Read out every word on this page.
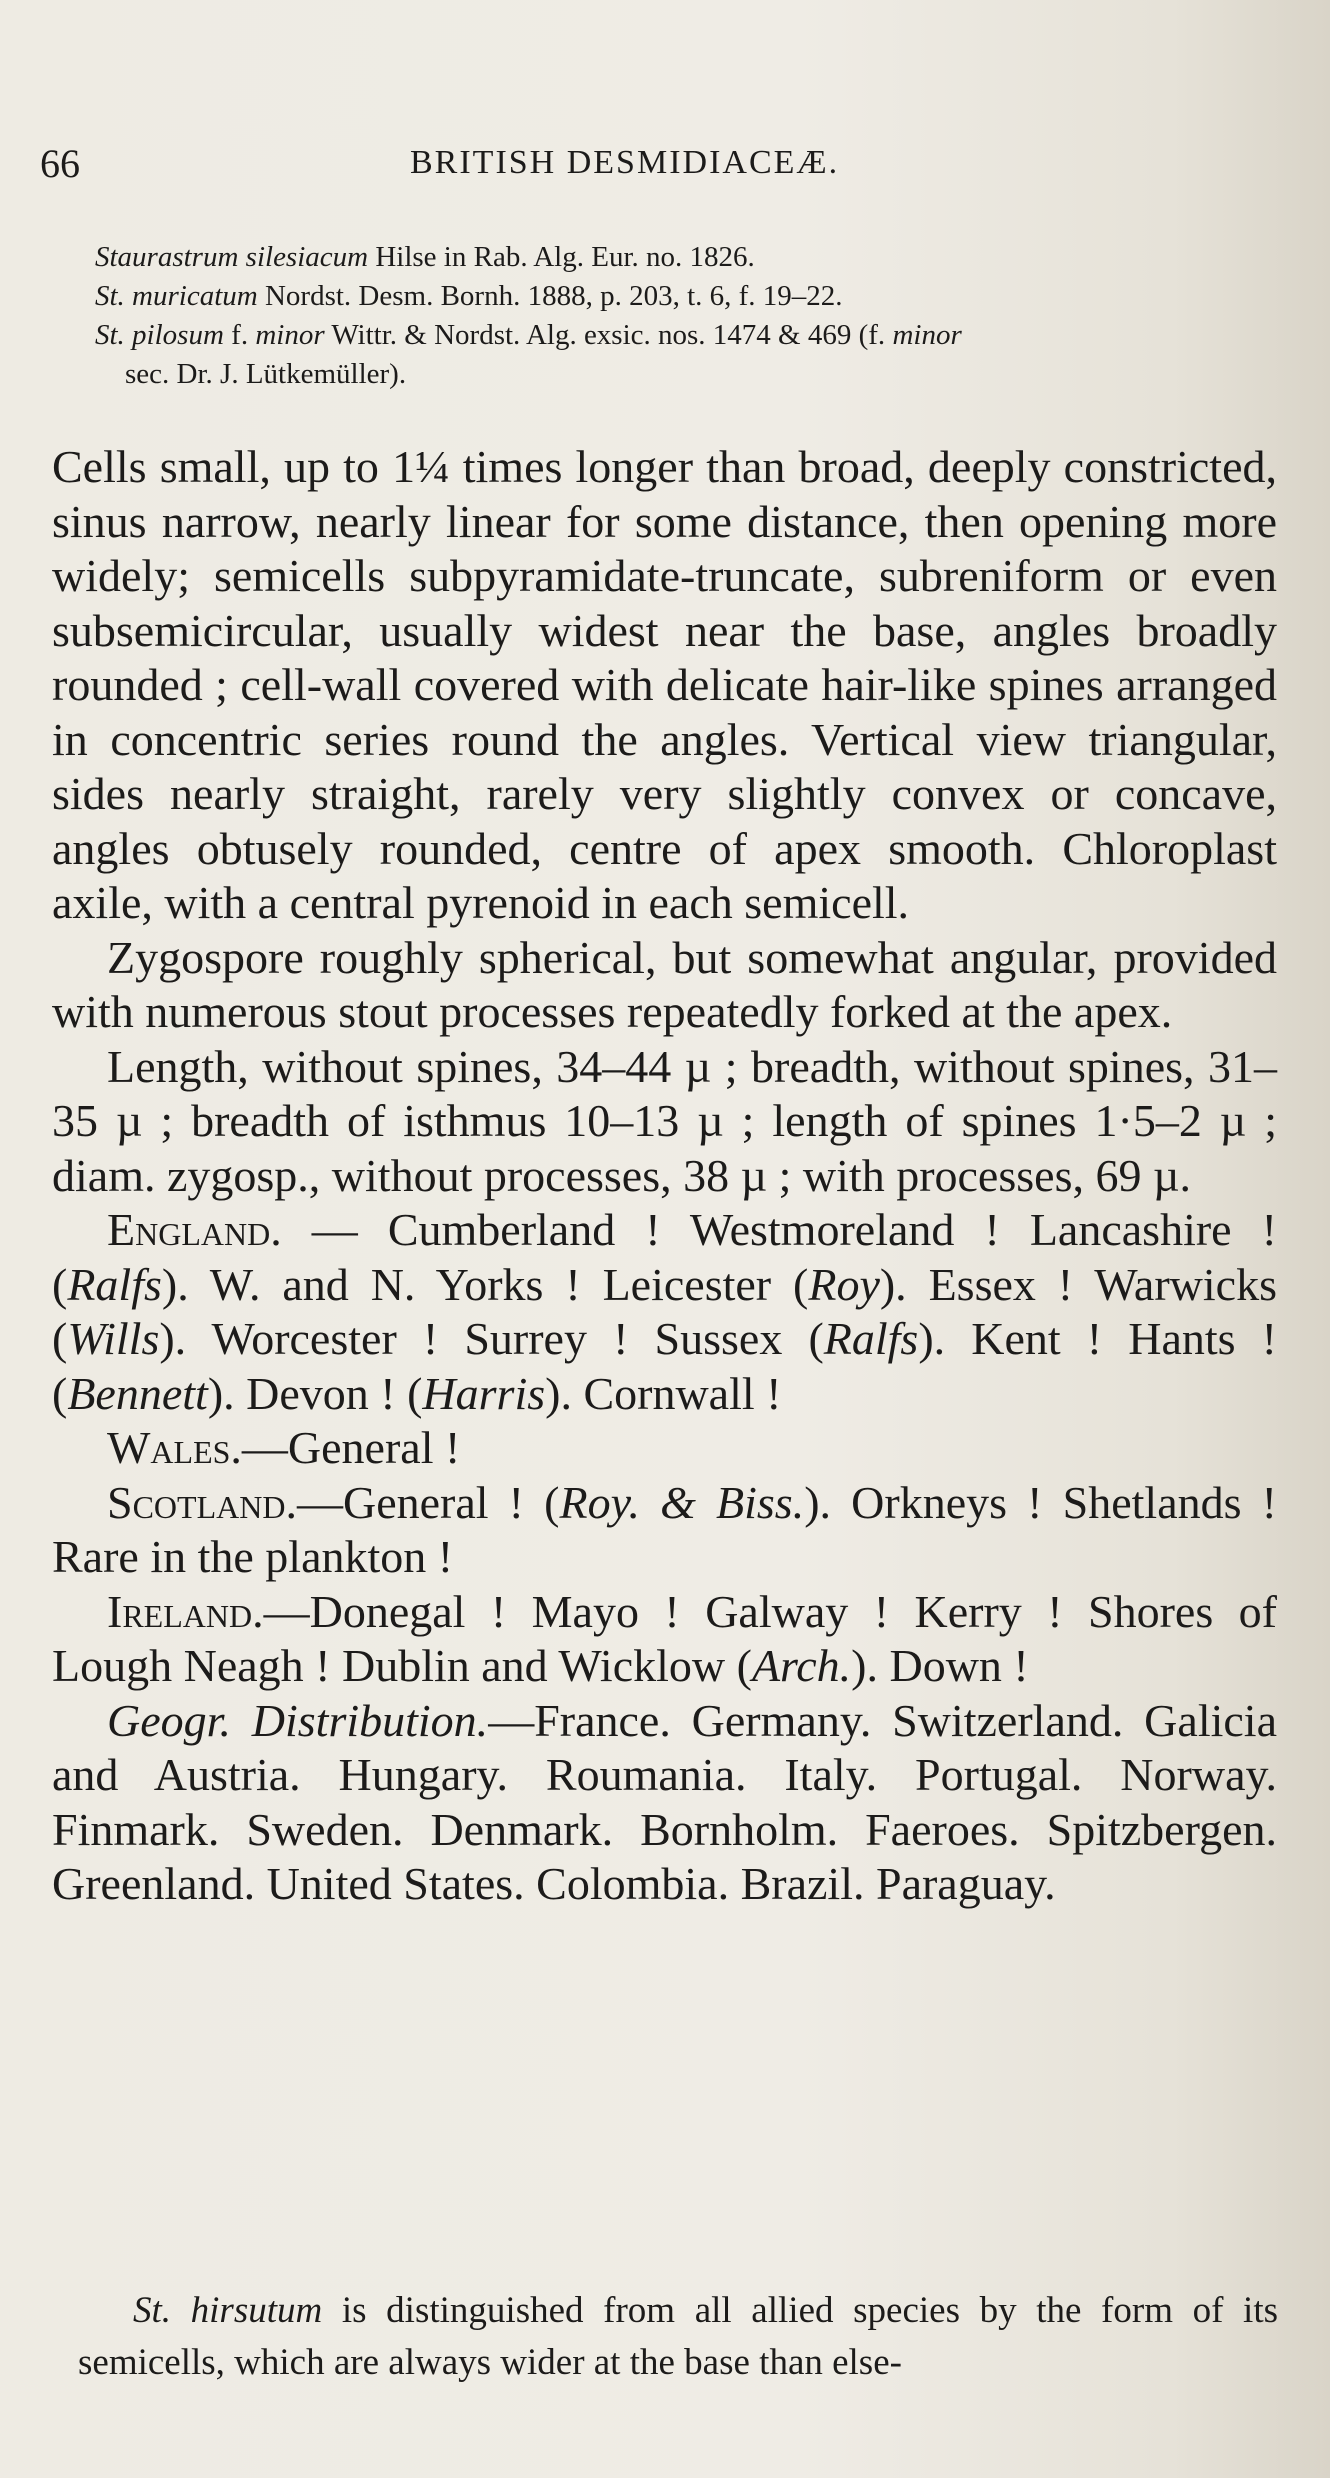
66	BRITISH DESMIDIACEÆ.
Staurastrum silesiacum Hilse in Rab. Alg. Eur. no. 1826.
St. muricatum Nordst. Desm. Bornh. 1888, p. 203, t. 6, f. 19–22.
St. pilosum f. minor Wittr. & Nordst. Alg. exsic. nos. 1474 & 469 (f. minor
sec. Dr. J. Lütkemüller).

Cells small, up to 1¼ times longer than broad, deeply constricted, sinus narrow, nearly linear for some distance, then opening more widely; semicells subpyramidate-truncate, subreniform or even subsemicircular, usually widest near the base, angles broadly rounded ; cell-wall covered with delicate hair-like spines arranged in concentric series round the angles. Vertical view triangular, sides nearly straight, rarely very slightly convex or concave, angles obtusely rounded, centre of apex smooth. Chloroplast axile, with a central pyrenoid in each semicell.

Zygospore roughly spherical, but somewhat angular, provided with numerous stout processes repeatedly forked at the apex.

Length, without spines, 34–44 µ ; breadth, without spines, 31–35 µ ; breadth of isthmus 10–13 µ ; length of spines 1·5–2 µ ; diam. zygosp., without processes, 38 µ ; with processes, 69 µ.

England. — Cumberland ! Westmoreland ! Lancashire ! (Ralfs). W. and N. Yorks ! Leicester (Roy). Essex ! Warwicks (Wills). Worcester ! Surrey ! Sussex (Ralfs). Kent ! Hants ! (Bennett). Devon ! (Harris). Cornwall !

Wales.—General !

Scotland.—General ! (Roy. & Biss.). Orkneys ! Shetlands ! Rare in the plankton !

Ireland.—Donegal ! Mayo ! Galway ! Kerry ! Shores of Lough Neagh ! Dublin and Wicklow (Arch.). Down !

Geogr. Distribution.—France. Germany. Switzerland. Galicia and Austria. Hungary. Roumania. Italy. Portugal. Norway. Finmark. Sweden. Denmark. Bornholm. Faeroes. Spitzbergen. Greenland. United States. Colombia. Brazil. Paraguay.

St. hirsutum is distinguished from all allied species by the form of its semicells, which are always wider at the base than else-
